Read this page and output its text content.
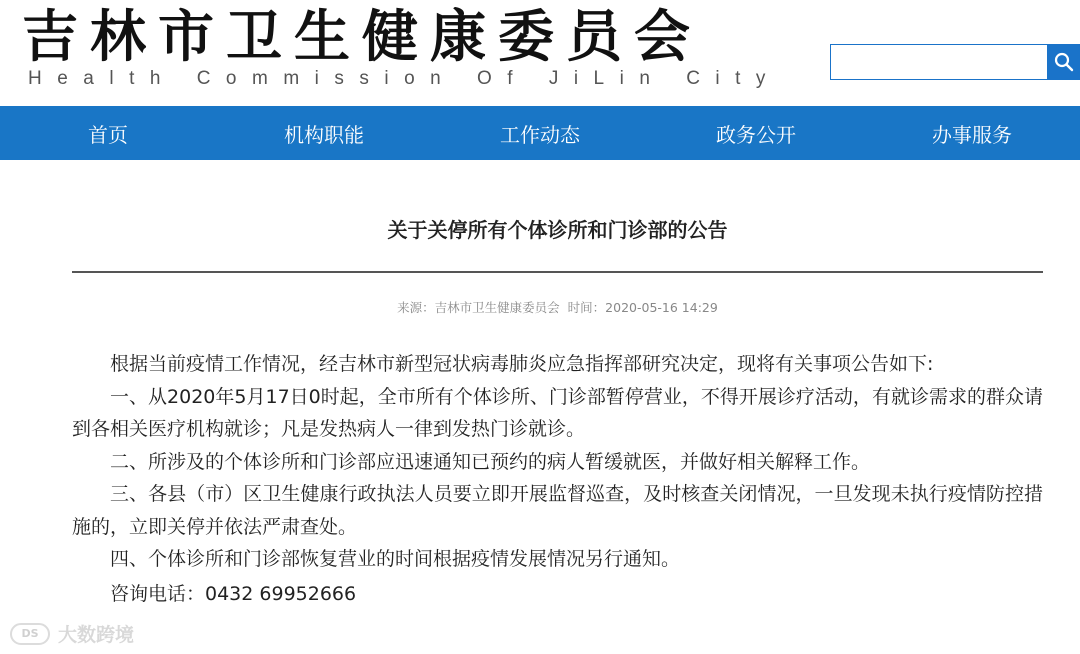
吉林市卫生健康委员会
Health Commission Of JiLin City
首页	机构职能	工作动态	政务公开	办事服务
关于关停所有个体诊所和门诊部的公告
来源：吉林市卫生健康委员会 时间：2020-05-16 14:29

根据当前疫情工作情况，经吉林市新型冠状病毒肺炎应急指挥部研究决定，现将有关事项公告如下:

一、从2020年5月17日0时起，全市所有个体诊所、门诊部暂停营业，不得开展诊疗活动，有就诊需求的群众请到各相关医疗机构就诊；凡是发热病人一律到发热门诊就诊。

二、所涉及的个体诊所和门诊部应迅速通知已预约的病人暂缓就医，并做好相关解释工作。

三、各县（市）区卫生健康行政执法人员要立即开展监督巡查，及时核查关闭情况，一旦发现未执行疫情防控措施的，立即关停并依法严肃查处。

四、个体诊所和门诊部恢复营业的时间根据疫情发展情况另行通知。

咨询电话：0432 69952666

DS	大数跨境
